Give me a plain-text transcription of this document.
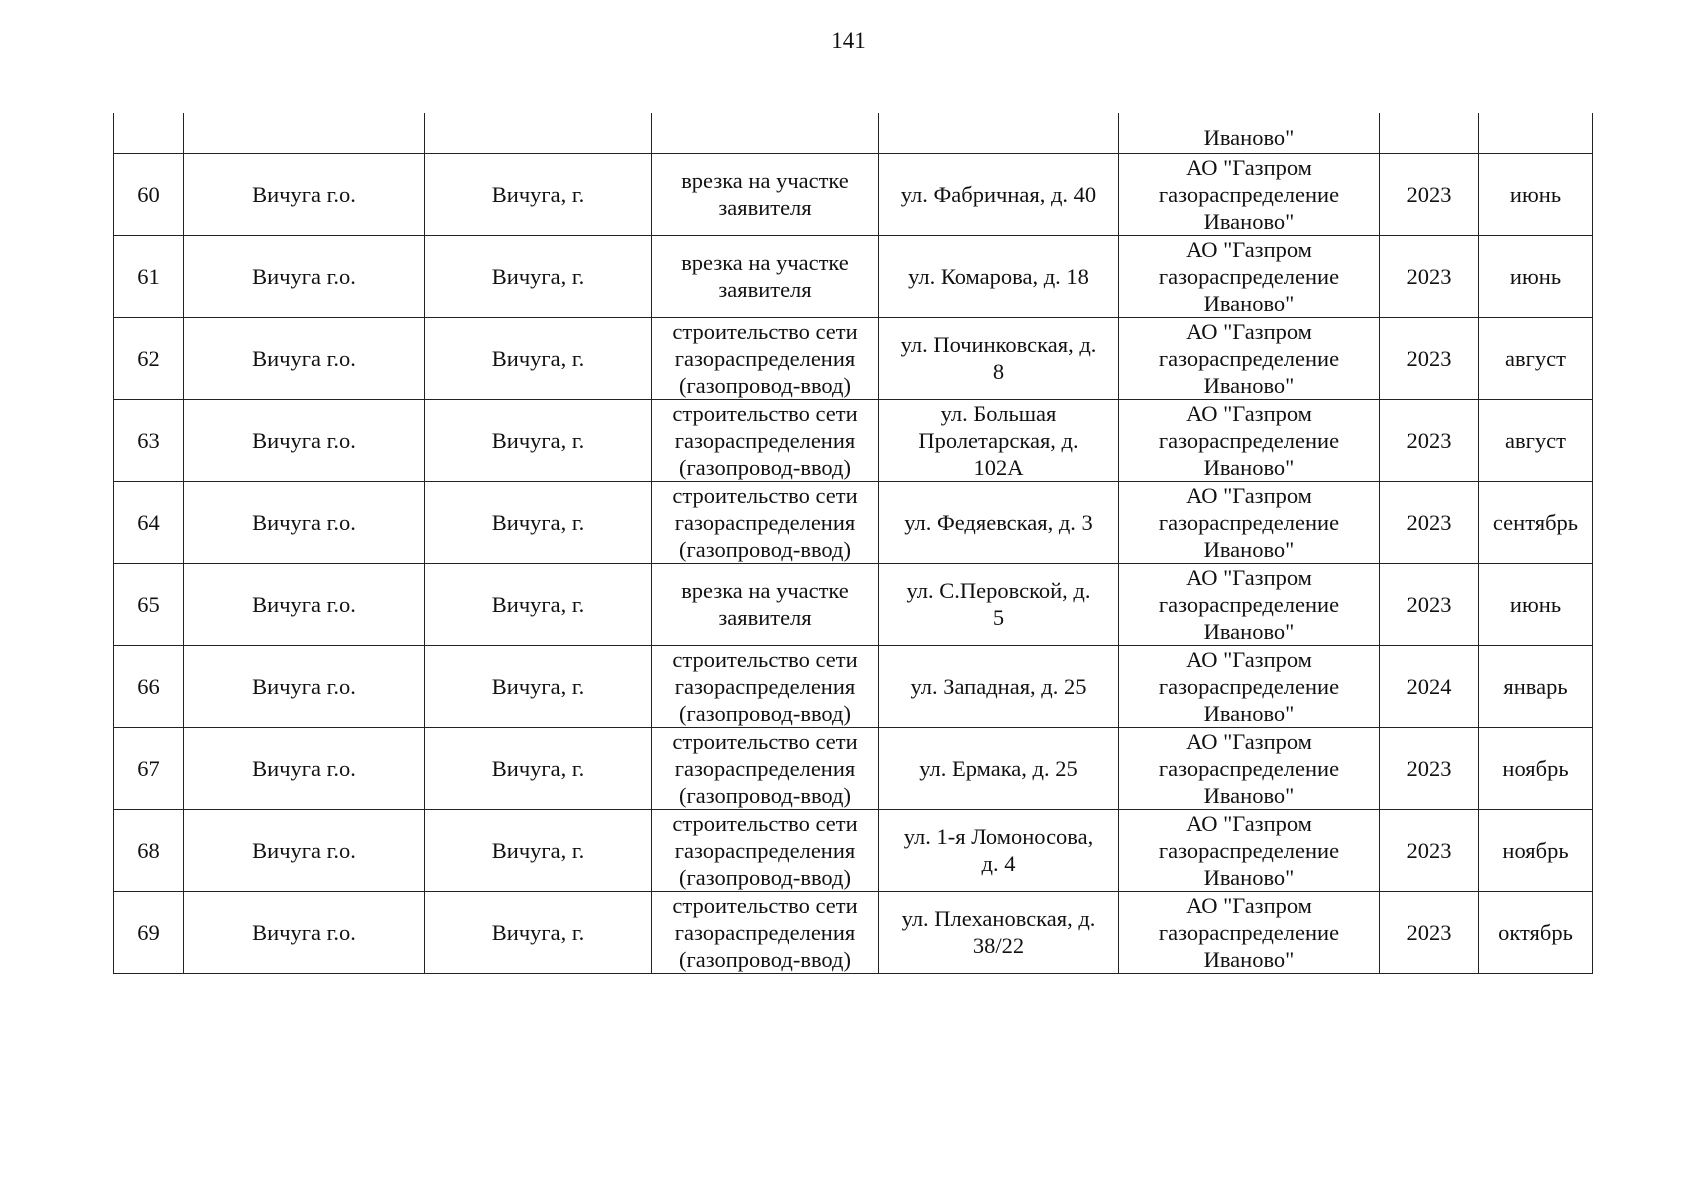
141
					Иваново"		
60	Вичуга г.о.	Вичуга, г.	врезка на участке
заявителя	ул. Фабричная, д. 40	АО "Газпром
газораспределение
Иваново"	2023	июнь
61	Вичуга г.о.	Вичуга, г.	врезка на участке
заявителя	ул. Комарова, д. 18	АО "Газпром
газораспределение
Иваново"	2023	июнь
62	Вичуга г.о.	Вичуга, г.	строительство сети
газораспределения
(газопровод-ввод)	ул. Починковская, д.
8	АО "Газпром
газораспределение
Иваново"	2023	август
63	Вичуга г.о.	Вичуга, г.	строительство сети
газораспределения
(газопровод-ввод)	ул. Большая
Пролетарская, д.
102А	АО "Газпром
газораспределение
Иваново"	2023	август
64	Вичуга г.о.	Вичуга, г.	строительство сети
газораспределения
(газопровод-ввод)	ул. Федяевская, д. 3	АО "Газпром
газораспределение
Иваново"	2023	сентябрь
65	Вичуга г.о.	Вичуга, г.	врезка на участке
заявителя	ул. С.Перовской, д.
5	АО "Газпром
газораспределение
Иваново"	2023	июнь
66	Вичуга г.о.	Вичуга, г.	строительство сети
газораспределения
(газопровод-ввод)	ул. Западная, д. 25	АО "Газпром
газораспределение
Иваново"	2024	январь
67	Вичуга г.о.	Вичуга, г.	строительство сети
газораспределения
(газопровод-ввод)	ул. Ермака, д. 25	АО "Газпром
газораспределение
Иваново"	2023	ноябрь
68	Вичуга г.о.	Вичуга, г.	строительство сети
газораспределения
(газопровод-ввод)	ул. 1-я Ломоносова,
д. 4	АО "Газпром
газораспределение
Иваново"	2023	ноябрь
69	Вичуга г.о.	Вичуга, г.	строительство сети
газораспределения
(газопровод-ввод)	ул. Плехановская, д.
38/22	АО "Газпром
газораспределение
Иваново"	2023	октябрь
